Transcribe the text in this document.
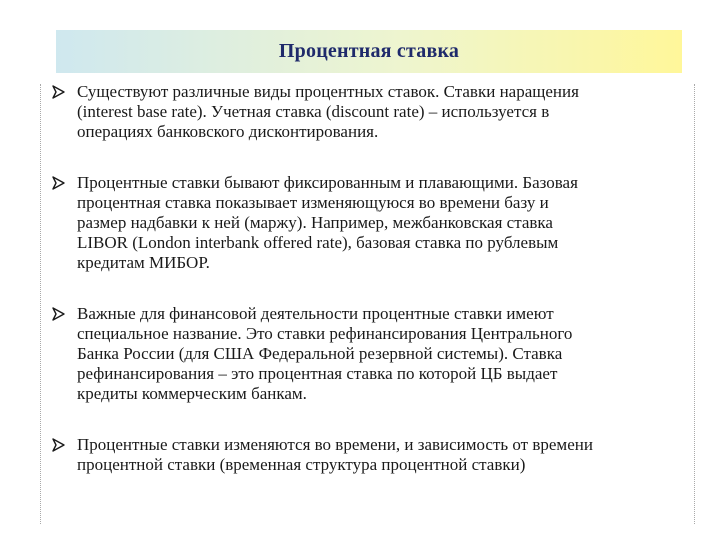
Процентная ставка
Существуют различные виды процентных ставок. Ставки наращения
(interest base rate). Учетная ставка (discount rate) – используется в
операциях банковского дисконтирования.
Процентные ставки бывают фиксированным и плавающими. Базовая
процентная ставка показывает изменяющуюся во времени базу и
размер надбавки к ней (маржу). Например, межбанковская ставка
LIBOR (London interbank offered rate), базовая ставка по рублевым
кредитам МИБОР.
Важные для финансовой деятельности процентные ставки имеют
специальное название. Это ставки рефинансирования Центрального
Банка России (для США Федеральной резервной системы). Ставка
рефинансирования – это процентная ставка по которой ЦБ выдает
кредиты коммерческим банкам.
Процентные ставки изменяются во времени, и зависимость от времени
процентной ставки (временная структура процентной ставки)
